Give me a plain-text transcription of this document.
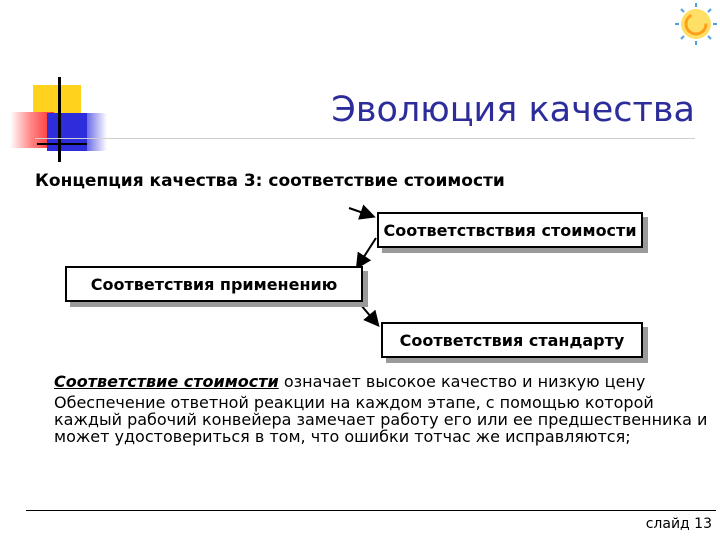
Эволюция качества
Концепция качества 3: соответствие стоимости
Соответствствия стоимости
Соответствия применению
Соответствия стандарту
Соответствие стоимости означает высокое качество и низкую цену
Обеспечение ответной реакции на каждом этапе, с помощью которой каждый рабочий конвейера замечает работу его или ее предшественника и может удостовериться в том, что ошибки тотчас же исправляются;
слайд 13
